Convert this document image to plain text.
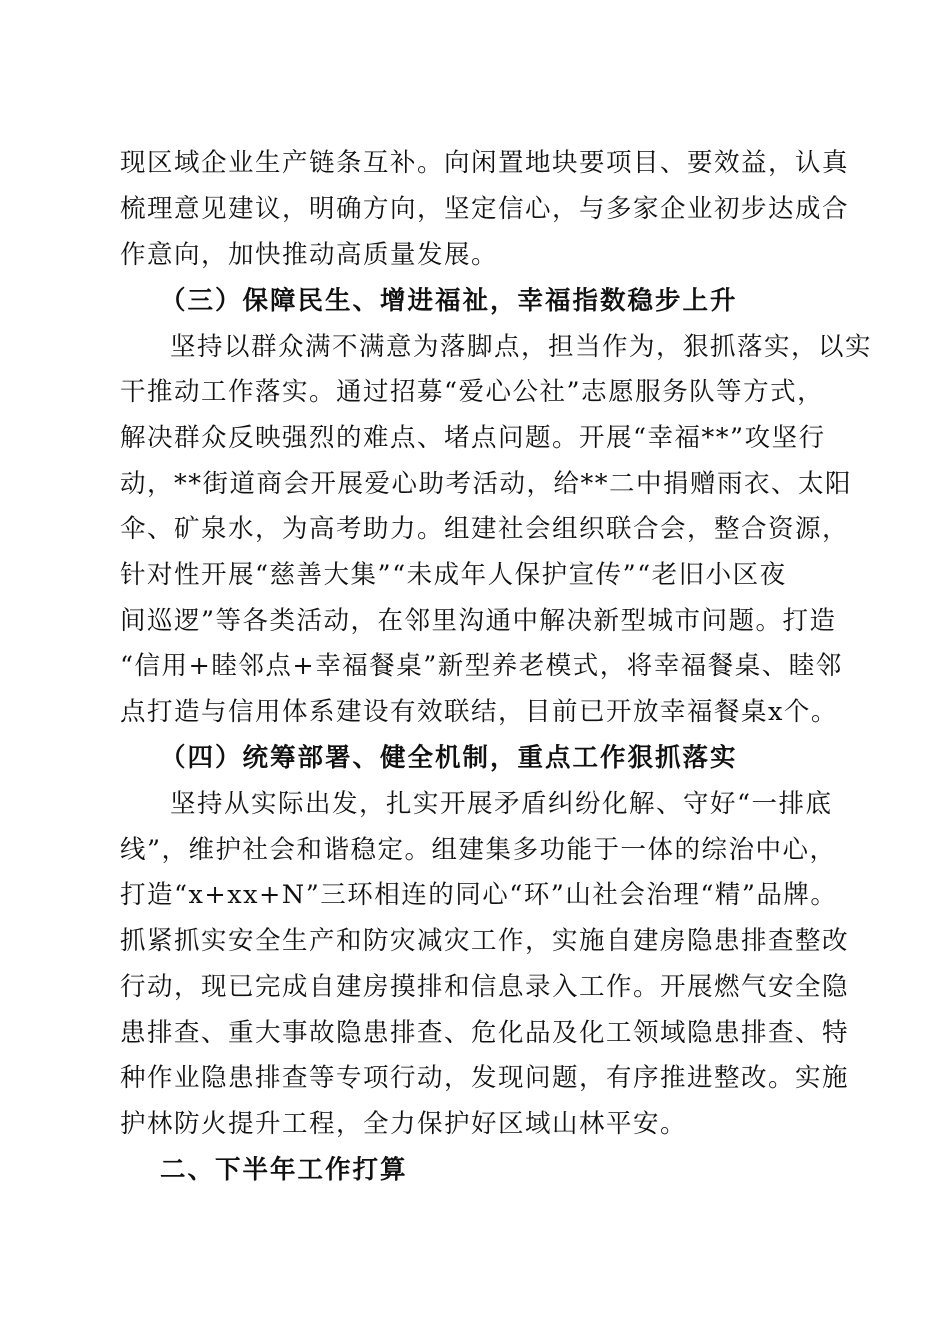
现区域企业生产链条互补。向闲置地块要项目、要效益，认真
梳理意见建议，明确方向，坚定信心，与多家企业初步达成合
作意向，加快推动高质量发展。
（三）保障民生、增进福祉，幸福指数稳步上升
坚持以群众满不满意为落脚点，担当作为，狠抓落实，以实
干推动工作落实。通过招募“爱心公社”志愿服务队等方式，
解决群众反映强烈的难点、堵点问题。开展“幸福**”攻坚行
动，**街道商会开展爱心助考活动，给**二中捐赠雨衣、太阳
伞、矿泉水，为高考助力。组建社会组织联合会，整合资源，
针对性开展“慈善大集”“未成年人保护宣传”“老旧小区夜
间巡逻”等各类活动，在邻里沟通中解决新型城市问题。打造
“信用+睦邻点+幸福餐桌”新型养老模式，将幸福餐桌、睦邻
点打造与信用体系建设有效联结，目前已开放幸福餐桌x个。
（四）统筹部署、健全机制，重点工作狠抓落实
坚持从实际出发，扎实开展矛盾纠纷化解、守好“一排底
线”，维护社会和谐稳定。组建集多功能于一体的综治中心，
打造“x+xx+N”三环相连的同心“环”山社会治理“精”品牌。
抓紧抓实安全生产和防灾减灾工作，实施自建房隐患排查整改
行动，现已完成自建房摸排和信息录入工作。开展燃气安全隐
患排查、重大事故隐患排查、危化品及化工领域隐患排查、特
种作业隐患排查等专项行动，发现问题，有序推进整改。实施
护林防火提升工程，全力保护好区域山林平安。
二、下半年工作打算
